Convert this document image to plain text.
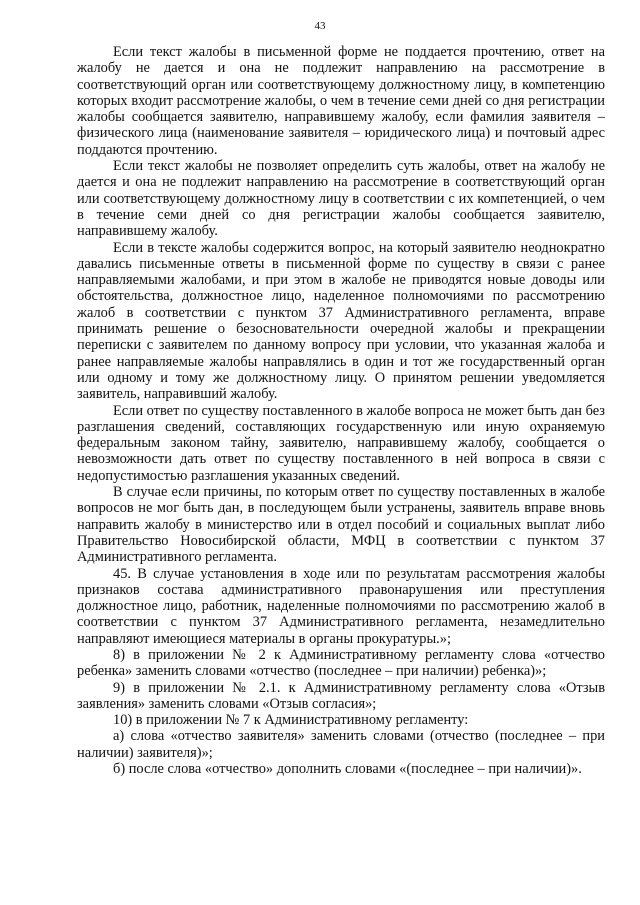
43

Если текст жалобы в письменной форме не поддается прочтению, ответ на жалобу не дается и она не подлежит направлению на рассмотрение в соответствующий орган или соответствующему должностному лицу, в компетенцию которых входит рассмотрение жалобы, о чем в течение семи дней со дня регистрации жалобы сообщается заявителю, направившему жалобу, если фамилия заявителя – физического лица (наименование заявителя – юридического лица) и почтовый адрес поддаются прочтению.

Если текст жалобы не позволяет определить суть жалобы, ответ на жалобу не дается и она не подлежит направлению на рассмотрение в соответствующий орган или соответствующему должностному лицу в соответствии с их компетенцией, о чем в течение семи дней со дня регистрации жалобы сообщается заявителю, направившему жалобу.

Если в тексте жалобы содержится вопрос, на который заявителю неоднократно давались письменные ответы в письменной форме по существу в связи с ранее направляемыми жалобами, и при этом в жалобе не приводятся новые доводы или обстоятельства, должностное лицо, наделенное полномочиями по рассмотрению жалоб в соответствии с пунктом 37 Административного регламента, вправе принимать решение о безосновательности очередной жалобы и прекращении переписки с заявителем по данному вопросу при условии, что указанная жалоба и ранее направляемые жалобы направлялись в один и тот же государственный орган или одному и тому же должностному лицу. О принятом решении уведомляется заявитель, направивший жалобу.

Если ответ по существу поставленного в жалобе вопроса не может быть дан без разглашения сведений, составляющих государственную или иную охраняемую федеральным законом тайну, заявителю, направившему жалобу, сообщается о невозможности дать ответ по существу поставленного в ней вопроса в связи с недопустимостью разглашения указанных сведений.

В случае если причины, по которым ответ по существу поставленных в жалобе вопросов не мог быть дан, в последующем были устранены, заявитель вправе вновь направить жалобу в министерство или в отдел пособий и социальных выплат либо Правительство Новосибирской области, МФЦ в соответствии с пунктом 37 Административного регламента.

45. В случае установления в ходе или по результатам рассмотрения жалобы признаков состава административного правонарушения или преступления должностное лицо, работник, наделенные полномочиями по рассмотрению жалоб в соответствии с пунктом 37 Административного регламента, незамедлительно направляют имеющиеся материалы в органы прокуратуры.»;

8) в приложении № 2 к Административному регламенту слова «отчество ребенка» заменить словами «отчество (последнее – при наличии) ребенка)»;

9) в приложении № 2.1. к Административному регламенту слова «Отзыв заявления» заменить словами «Отзыв согласия»;

10) в приложении № 7 к Административному регламенту:

а) слова «отчество заявителя» заменить словами (отчество (последнее – при наличии) заявителя)»;

б) после слова «отчество» дополнить словами «(последнее – при наличии)».
